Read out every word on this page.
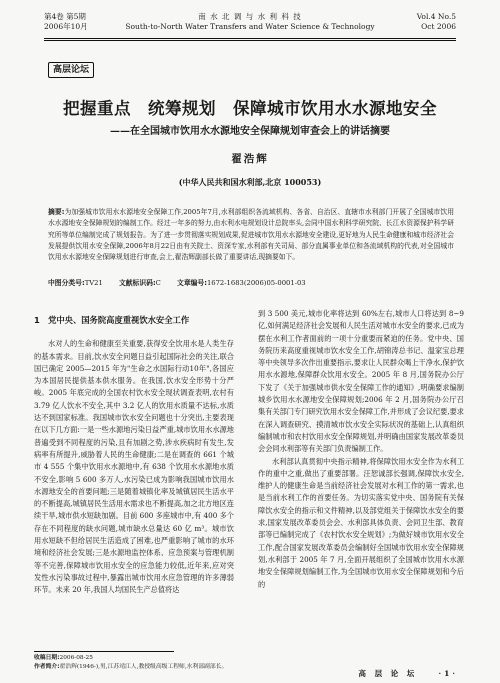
第4卷 第5期
2006年10月
南 水 北 调 与 水 利 科 技
South-to-North Water Transfers and Water Science & Technology
Vol.4 No.5
Oct 2006
高层论坛
把握重点　统筹规划　保障城市饮用水水源地安全
——在全国城市饮用水水源地安全保障规划审查会上的讲话摘要
翟浩辉
(中华人民共和国水利部,北京 100053)
摘要:为加强城市饮用水水源地安全保障工作,2005年7月,水利部组织各流域机构、各省、自治区、直辖市水利部门开展了全国城市饮用水水源地安全保障规划的编制工作。经过一年多的努力,由水利水电规划设计总院率头,会同中国水利科学研究院、长江水资源保护科学研究所等单位编制完成了规划报告。为了进一步贯彻落实规划成果,促进城市饮用水水源地安全建设,更好地为人民生命健康和城市经济社会发展提供饮用水安全保障,2006年8月22日由有关院士、资深专家,水利部有关司局、部分直属事业单位和各流域机构的代表,对全国城市饮用水水源地安全保障规划进行审查,会上,翟浩辉副部长做了重要讲话,现摘要如下。
中图分类号:TV21 文献标识码:C 文章编号:1672-1683(2006)05-0001-03
1　党中央、国务院高度重视饮水安全工作

水对人的生命和健康至关重要,获得安全饮用水是人类生存的基本需求。目前,饮水安全问题日益引起国际社会的关注,联合国已确定 2005—2015 年为"生命之水国际行动10年",各国应为本国居民提供基本供水服务。在我国,饮水安全形势十分严峻。2005 年底完成的全国农村饮水安全现状调查表明,农村有 3.79 亿人饮水不安全,其中 3.2 亿人的饮用水质量不达标,水质达不到国家标准。我国城市饮水安全问题也十分突出,主要表现在以下几方面:一是一些水源地污染日益严重,城市饮用水水源地普遍受到不同程度的污染,且有加剧之势,涉水疾病时有发生,发病率有所提升,威胁着人民的生命健康;二是在调查的 661 个城市 4 555 个集中饮用水水源地中,有 638 个饮用水水源地水质不安全,影响 5 600 多万人,水污染已成为影响我国城市饮用水水源地安全的首要问题;三是随着城镇化率及城镇居民生活水平的不断提高,城镇居民生活用水需求也不断提高,加之北方地区连续干旱,城市供水短缺加剧。目前 600 多座城市中,有 400 多个存在不同程度的缺水问题,城市缺水总量达 60 亿 m³。城市饮用水短缺不但给居民生活造成了困难,也严重影响了城市的水环境和经济社会发展;三是水源地监控体系、应急预案与管理机制等不完善,保障城市饮用水安全的应急能力较低,近年来,应对突发性水污染事故过程中,暴露出城市饮用水应急管理的许多薄弱环节。未来 20 年,我国人均国民生产总值将达

到 3 500 美元,城市化率将达到 60%左右,城市人口将达到 8~9 亿,如何满足经济社会发展和人民生活对城市水安全的要求,已成为摆在水利工作者面前的一项十分重要而紧迫的任务。党中央、国务院历来高度重视城市饮水安全工作,胡锦涛总书记、温家宝总理等中央领导多次作出重要指示,要求让人民群众喝上干净水,保护饮用水水源地,保障群众饮用水安全。2005 年 8 月,国务院办公厅下发了《关于加强城市供水安全保障工作的通知》,明确要求编制城乡饮用水水源地安全保障规划;2006 年 2 月,国务院办公厅召集有关部门专门研究饮用水安全保障工作,并形成了会议纪要,要求在深入调查研究、摸清城市饮水安全实际状况的基础上,认真组织编制城市和农村饮用水安全保障规划,并明确由国家发展改革委员会会同水利部等有关部门负责编制工作。

水利部认真贯彻中央指示精神,将保障饮用水安全作为水利工作的重中之重,做出了重要部署。汪恕诚部长强调,保障饮水安全,维护人的健康生命是当前经济社会发展对水利工作的第一需求,也是当前水利工作的首要任务。为切实落实党中央、国务院有关保障饮水安全的指示和文件精神,以及部党组关于保障饮水安全的要求,国家发展改革委员会会、水利部具体负责、会同卫生部、教育部等已编制完成了《农村饮水安全规划》;为做好城市饮用水安全工作,配合国家发展改革委员会编制好全国城市饮用水安全保障规划,水利部于 2005 年 7 月,全面开展组织了全国城市饮用水水源地安全保障规划编制工作,为全国城市饮用水安全保障规划和今后的

收稿日期:2006-08-25
作者简介:翟浩辉(1946-),男,江苏靖江人,教授级高级工程师,水利部副部长。
高 层 论 坛	·1·
